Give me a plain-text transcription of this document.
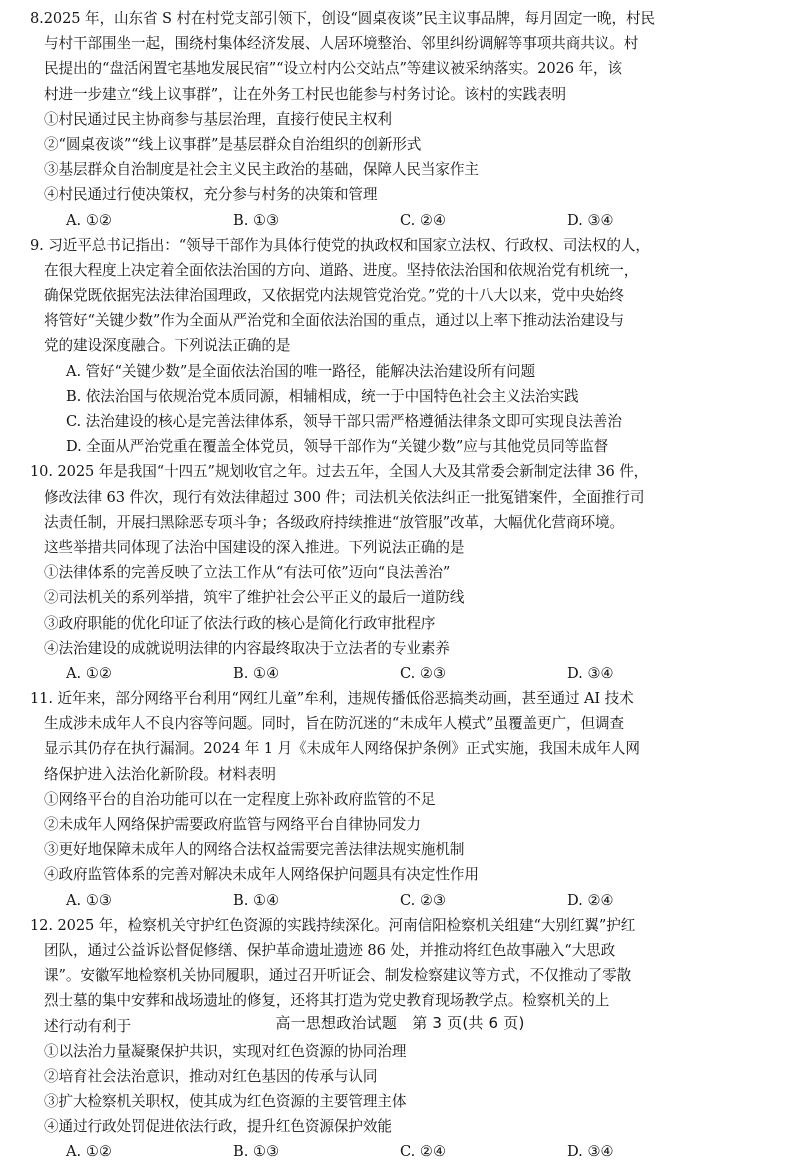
8.2025 年，山东省 S 村在村党支部引领下，创设“圆桌夜谈”民主议事品牌，每月固定一晚，村民
与村干部围坐一起，围绕村集体经济发展、人居环境整治、邻里纠纷调解等事项共商共议。村
民提出的“盘活闲置宅基地发展民宿”“设立村内公交站点”等建议被采纳落实。2026 年，该
村进一步建立“线上议事群”，让在外务工村民也能参与村务讨论。该村的实践表明
①村民通过民主协商参与基层治理，直接行使民主权利
②“圆桌夜谈”“线上议事群”是基层群众自治组织的创新形式
③基层群众自治制度是社会主义民主政治的基础，保障人民当家作主
④村民通过行使决策权，充分参与村务的决策和管理
A. ①②	B. ①③	C. ②④	D. ③④
9. 习近平总书记指出：“领导干部作为具体行使党的执政权和国家立法权、行政权、司法权的人，
在很大程度上决定着全面依法治国的方向、道路、进度。坚持依法治国和依规治党有机统一，
确保党既依据宪法法律治国理政，又依据党内法规管党治党。”党的十八大以来，党中央始终
将管好“关键少数”作为全面从严治党和全面依法治国的重点，通过以上率下推动法治建设与
党的建设深度融合。下列说法正确的是
A. 管好“关键少数”是全面依法治国的唯一路径，能解决法治建设所有问题
B. 依法治国与依规治党本质同源，相辅相成，统一于中国特色社会主义法治实践
C. 法治建设的核心是完善法律体系，领导干部只需严格遵循法律条文即可实现良法善治
D. 全面从严治党重在覆盖全体党员，领导干部作为“关键少数”应与其他党员同等监督
10. 2025 年是我国“十四五”规划收官之年。过去五年，全国人大及其常委会新制定法律 36 件，
修改法律 63 件次，现行有效法律超过 300 件；司法机关依法纠正一批冤错案件，全面推行司
法责任制，开展扫黑除恶专项斗争；各级政府持续推进“放管服”改革，大幅优化营商环境。
这些举措共同体现了法治中国建设的深入推进。下列说法正确的是
①法律体系的完善反映了立法工作从“有法可依”迈向“良法善治”
②司法机关的系列举措，筑牢了维护社会公平正义的最后一道防线
③政府职能的优化印证了依法行政的核心是简化行政审批程序
④法治建设的成就说明法律的内容最终取决于立法者的专业素养
A. ①②	B. ①④	C. ②③	D. ③④
11. 近年来，部分网络平台利用“网红儿童”牟利，违规传播低俗恶搞类动画，甚至通过 AI 技术
生成涉未成年人不良内容等问题。同时，旨在防沉迷的“未成年人模式”虽覆盖更广，但调查
显示其仍存在执行漏洞。2024 年 1 月《未成年人网络保护条例》正式实施，我国未成年人网
络保护进入法治化新阶段。材料表明
①网络平台的自治功能可以在一定程度上弥补政府监管的不足
②未成年人网络保护需要政府监管与网络平台自律协同发力
③更好地保障未成年人的网络合法权益需要完善法律法规实施机制
④政府监管体系的完善对解决未成年人网络保护问题具有决定性作用
A. ①③	B. ①④	C. ②③	D. ②④
12. 2025 年，检察机关守护红色资源的实践持续深化。河南信阳检察机关组建“大别红翼”护红
团队，通过公益诉讼督促修缮、保护革命遗址遗迹 86 处，并推动将红色故事融入“大思政
课”。安徽军地检察机关协同履职，通过召开听证会、制发检察建议等方式，不仅推动了零散
烈士墓的集中安葬和战场遗址的修复，还将其打造为党史教育现场教学点。检察机关的上
述行动有利于
①以法治力量凝聚保护共识，实现对红色资源的协同治理
②培育社会法治意识，推动对红色基因的传承与认同
③扩大检察机关职权，使其成为红色资源的主要管理主体
④通过行政处罚促进依法行政，提升红色资源保护效能
A. ①②	B. ①③	C. ②④	D. ③④
高一思想政治试题　第 3 页(共 6 页)
